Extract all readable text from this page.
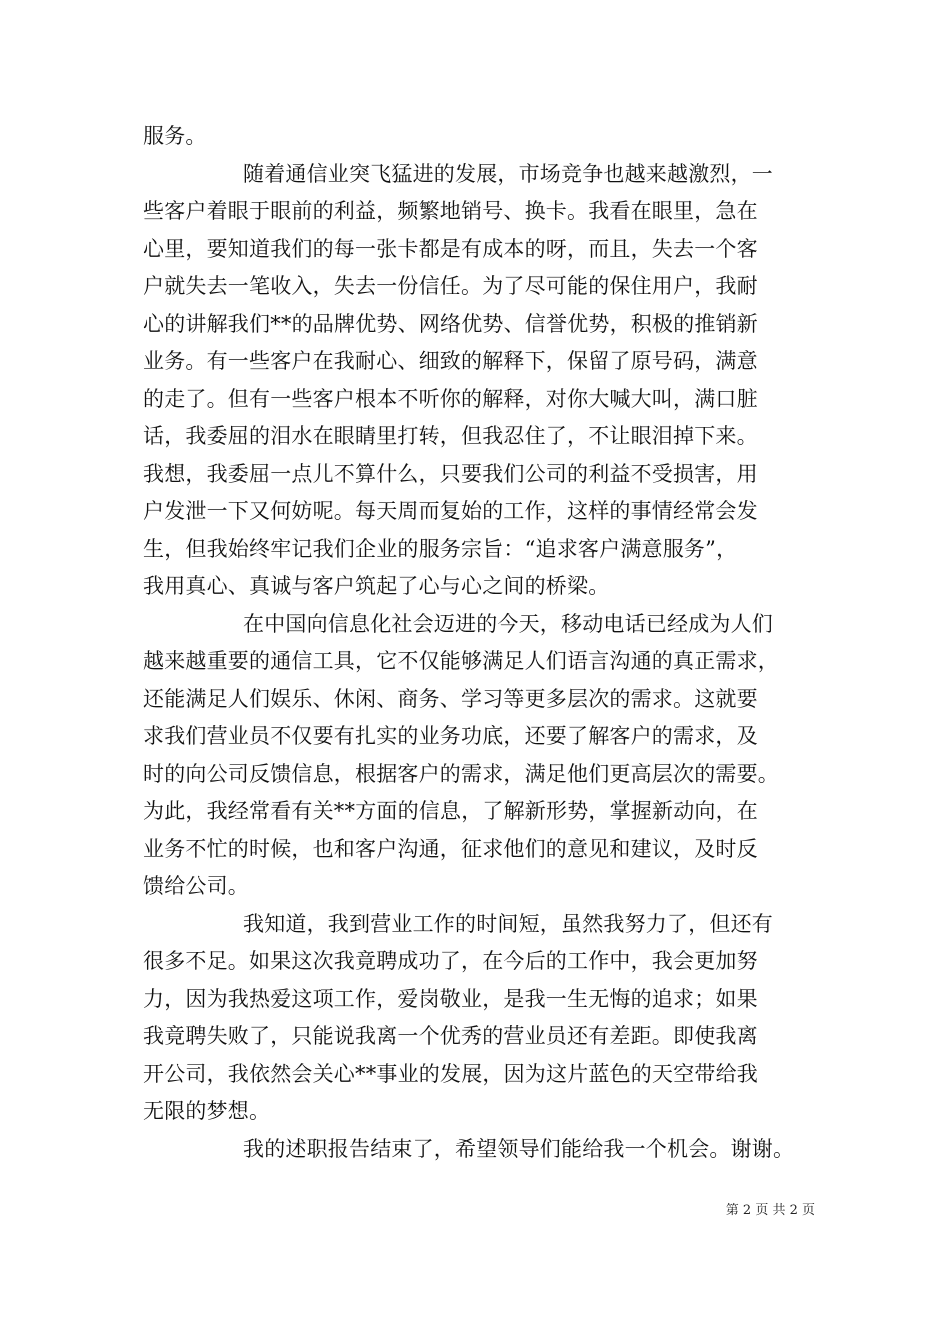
服务。
随着通信业突飞猛进的发展，市场竞争也越来越激烈，一
些客户着眼于眼前的利益，频繁地销号、换卡。我看在眼里，急在
心里，要知道我们的每一张卡都是有成本的呀，而且，失去一个客
户就失去一笔收入，失去一份信任。为了尽可能的保住用户，我耐
心的讲解我们**的品牌优势、网络优势、信誉优势，积极的推销新
业务。有一些客户在我耐心、细致的解释下，保留了原号码，满意
的走了。但有一些客户根本不听你的解释，对你大喊大叫，满口脏
话，我委屈的泪水在眼睛里打转，但我忍住了，不让眼泪掉下来。
我想，我委屈一点儿不算什么，只要我们公司的利益不受损害，用
户发泄一下又何妨呢。每天周而复始的工作，这样的事情经常会发
生，但我始终牢记我们企业的服务宗旨：“追求客户满意服务”，
我用真心、真诚与客户筑起了心与心之间的桥梁。
在中国向信息化社会迈进的今天，移动电话已经成为人们
越来越重要的通信工具，它不仅能够满足人们语言沟通的真正需求，
还能满足人们娱乐、休闲、商务、学习等更多层次的需求。这就要
求我们营业员不仅要有扎实的业务功底，还要了解客户的需求，及
时的向公司反馈信息，根据客户的需求，满足他们更高层次的需要。
为此，我经常看有关**方面的信息，了解新形势，掌握新动向，在
业务不忙的时候，也和客户沟通，征求他们的意见和建议，及时反
馈给公司。
我知道，我到营业工作的时间短，虽然我努力了，但还有
很多不足。如果这次我竟聘成功了，在今后的工作中，我会更加努
力，因为我热爱这项工作，爱岗敬业，是我一生无悔的追求；如果
我竟聘失败了，只能说我离一个优秀的营业员还有差距。即使我离
开公司，我依然会关心**事业的发展，因为这片蓝色的天空带给我
无限的梦想。
我的述职报告结束了，希望领导们能给我一个机会。谢谢。
第 2 页 共 2 页
